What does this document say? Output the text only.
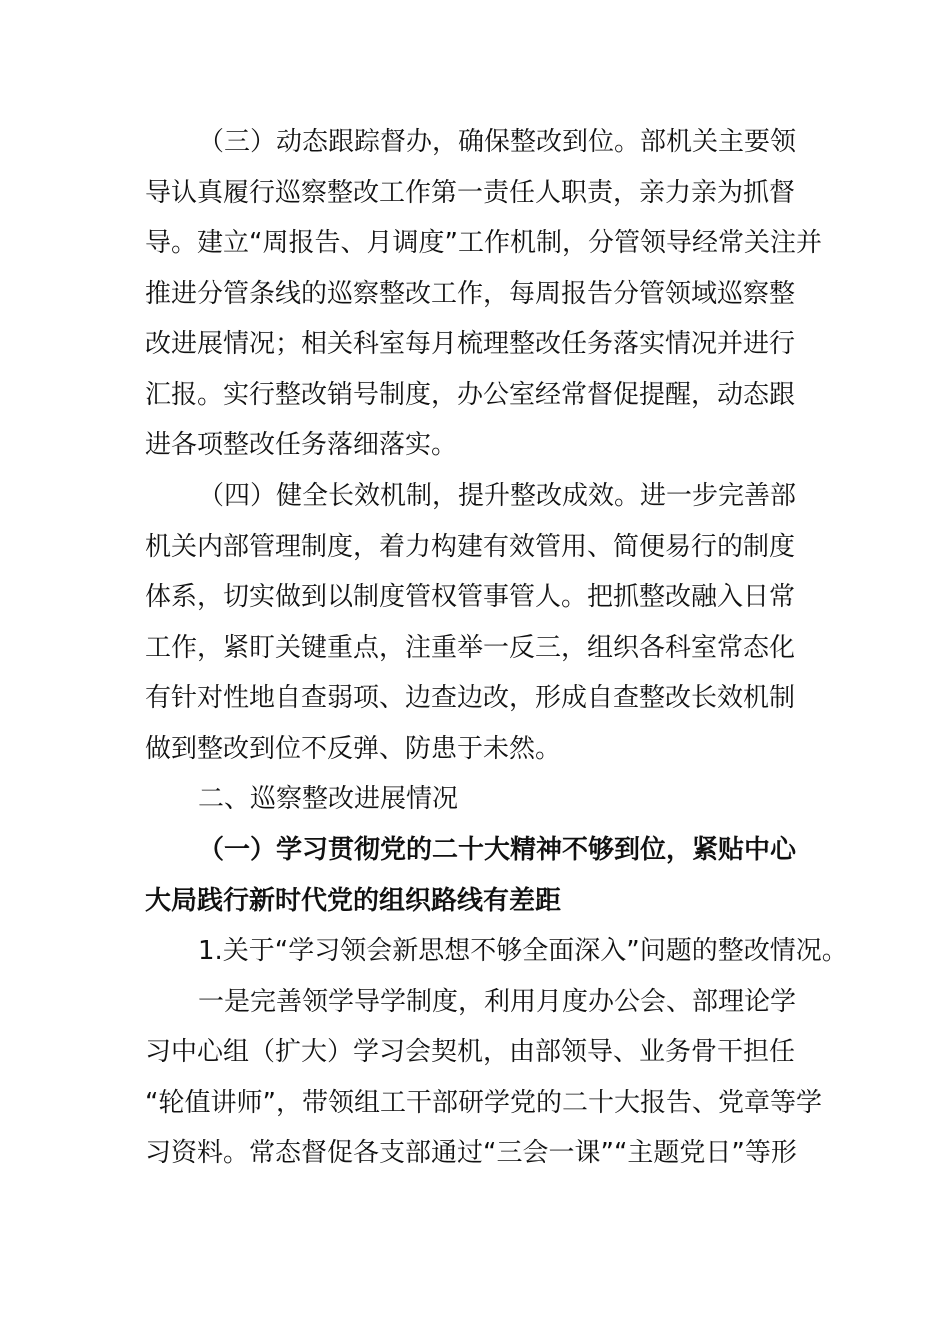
（三）动态跟踪督办，确保整改到位。部机关主要领
导认真履行巡察整改工作第一责任人职责，亲力亲为抓督
导。建立“周报告、月调度”工作机制，分管领导经常关注并
推进分管条线的巡察整改工作，每周报告分管领域巡察整
改进展情况；相关科室每月梳理整改任务落实情况并进行
汇报。实行整改销号制度，办公室经常督促提醒，动态跟
进各项整改任务落细落实。
（四）健全长效机制，提升整改成效。进一步完善部
机关内部管理制度，着力构建有效管用、简便易行的制度
体系，切实做到以制度管权管事管人。把抓整改融入日常
工作，紧盯关键重点，注重举一反三，组织各科室常态化
有针对性地自查弱项、边查边改，形成自查整改长效机制
做到整改到位不反弹、防患于未然。
二、巡察整改进展情况
（一）学习贯彻党的二十大精神不够到位，紧贴中心
大局践行新时代党的组织路线有差距
1.关于“学习领会新思想不够全面深入”问题的整改情况。
一是完善领学导学制度，利用月度办公会、部理论学
习中心组（扩大）学习会契机，由部领导、业务骨干担任
“轮值讲师”，带领组工干部研学党的二十大报告、党章等学
习资料。常态督促各支部通过“三会一课”“主题党日”等形
